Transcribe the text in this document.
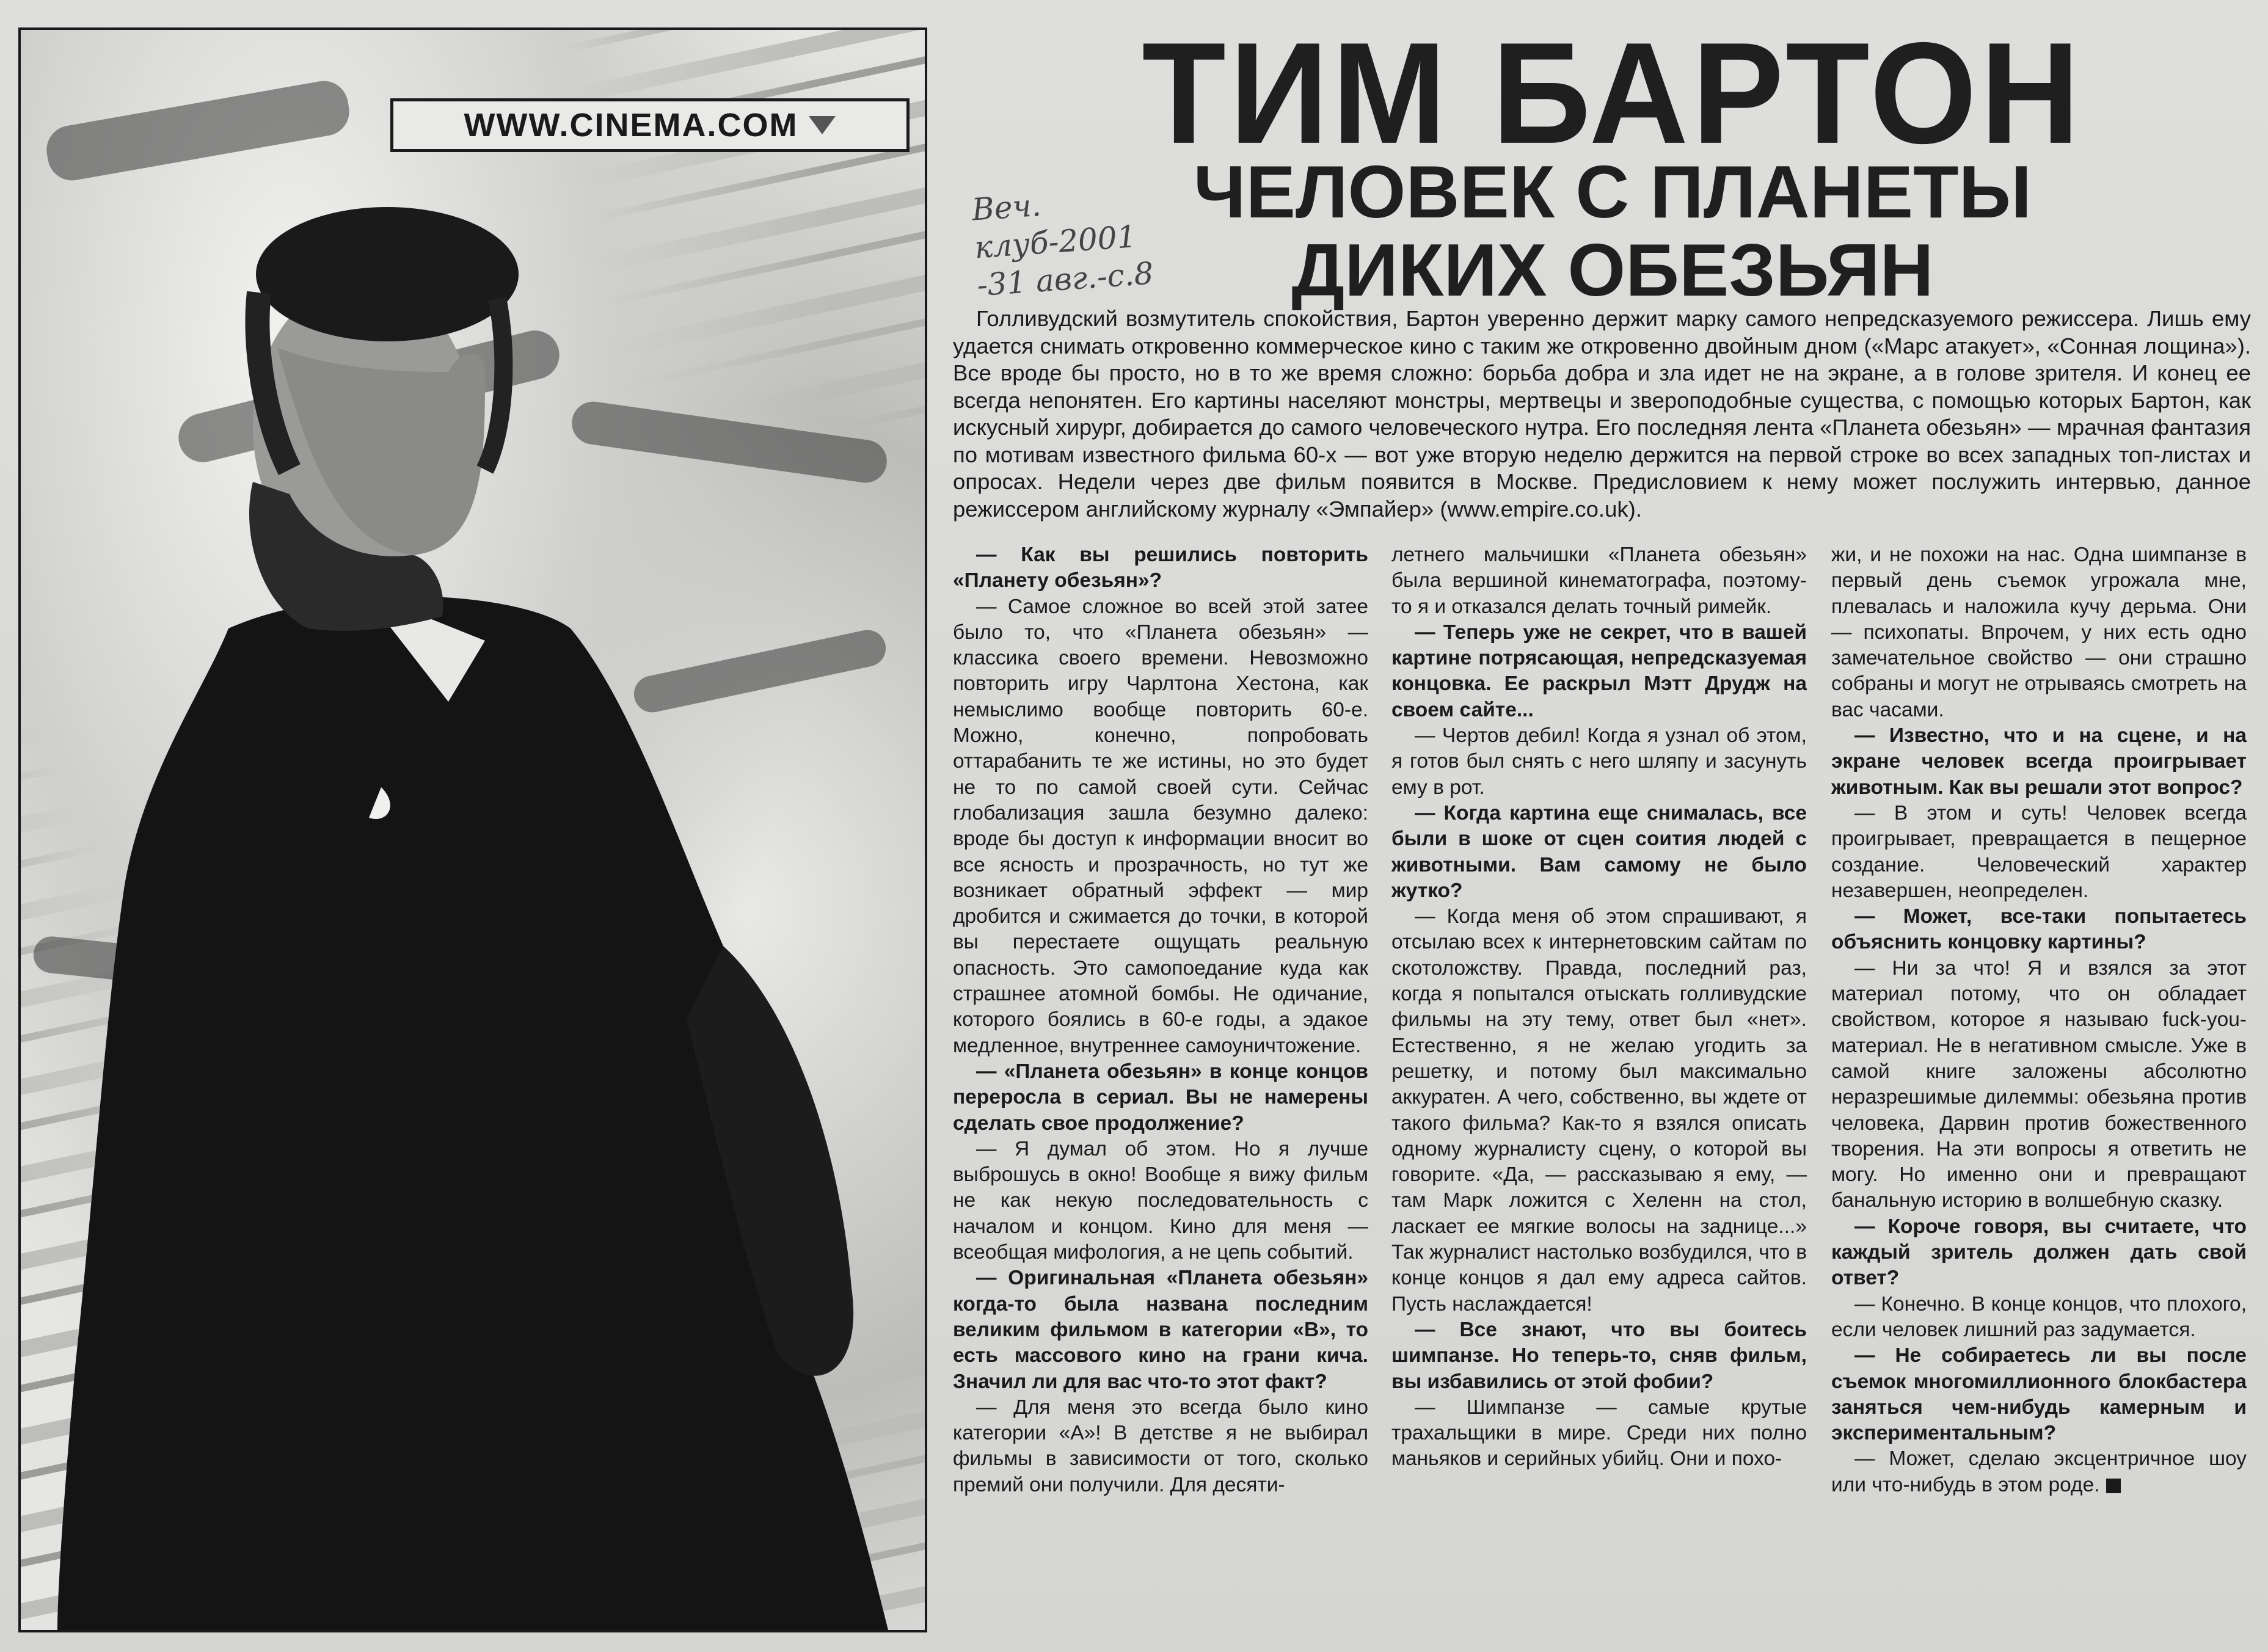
WWW.CINEMA.COM	ТИМ БАРТОН
ЧЕЛОВЕК С ПЛАНЕТЫ
ДИКИХ ОБЕЗЬЯН
Веч. клуб-2001 -31 авг.-с.8

Голливудский возмутитель спокойствия, Бартон уверенно держит марку самого непредсказуемого режиссера. Лишь ему удается снимать откровенно коммерческое кино с таким же откровенно двойным дном («Марс атакует», «Сонная лощина»). Все вроде бы просто, но в то же время сложно: борьба добра и зла идет не на экране, а в голове зрителя. И конец ее всегда непонятен. Его картины населяют монстры, мертвецы и звероподобные существа, с помощью которых Бартон, как искусный хирург, добирается до самого человеческого нутра. Его последняя лента «Планета обезьян» — мрачная фантазия по мотивам известного фильма 60-х — вот уже вторую неделю держится на первой строке во всех западных топ-листах и опросах. Недели через две фильм появится в Москве. Предисловием к нему может послужить интервью, данное режиссером английскому журналу «Эмпайер» (www.empire.co.uk).

— Как вы решились повторить «Планету обезьян»?

— Самое сложное во всей этой затее было то, что «Планета обезьян» — классика своего времени. Невозможно повторить игру Чарлтона Хестона, как немыслимо вообще повторить 60-е. Можно, конечно, попробовать оттарабанить те же истины, но это будет не то по самой своей сути. Сейчас глобализация зашла безумно далеко: вроде бы доступ к информации вносит во все ясность и прозрачность, но тут же возникает обратный эффект — мир дробится и сжимается до точки, в которой вы перестаете ощущать реальную опасность. Это самопоедание куда как страшнее атомной бомбы. Не одичание, которого боялись в 60-е годы, а эдакое медленное, внутреннее самоуничтожение.

— «Планета обезьян» в конце концов переросла в сериал. Вы не намерены сделать свое продолжение?

— Я думал об этом. Но я лучше выброшусь в окно! Вообще я вижу фильм не как некую последовательность с началом и концом. Кино для меня — всеобщая мифология, а не цепь событий.

— Оригинальная «Планета обезьян» когда-то была названа последним великим фильмом в категории «В», то есть массового кино на грани кича. Значил ли для вас что-то этот факт?

— Для меня это всегда было кино категории «А»! В детстве я не выбирал фильмы в зависимости от того, сколько премий они получили. Для десяти-

летнего мальчишки «Планета обезьян» была вершиной кинематографа, поэтому-то я и отказался делать точный римейк.

— Теперь уже не секрет, что в вашей картине потрясающая, непредсказуемая концовка. Ее раскрыл Мэтт Друдж на своем сайте...

— Чертов дебил! Когда я узнал об этом, я готов был снять с него шляпу и засунуть ему в рот.

— Когда картина еще снималась, все были в шоке от сцен соития людей с животными. Вам самому не было жутко?

— Когда меня об этом спрашивают, я отсылаю всех к интернетовским сайтам по скотоложству. Правда, последний раз, когда я попытался отыскать голливудские фильмы на эту тему, ответ был «нет». Естественно, я не желаю угодить за решетку, и потому был максимально аккуратен. А чего, собственно, вы ждете от такого фильма? Как-то я взялся описать одному журналисту сцену, о которой вы говорите. «Да, — рассказываю я ему, — там Марк ложится с Хеленн на стол, ласкает ее мягкие волосы на заднице...» Так журналист настолько возбудился, что в конце концов я дал ему адреса сайтов. Пусть наслаждается!

— Все знают, что вы боитесь шимпанзе. Но теперь-то, сняв фильм, вы избавились от этой фобии?

— Шимпанзе — самые крутые трахальщики в мире. Среди них полно маньяков и серийных убийц. Они и похо-

жи, и не похожи на нас. Одна шимпанзе в первый день съемок угрожала мне, плевалась и наложила кучу дерьма. Они — психопаты. Впрочем, у них есть одно замечательное свойство — они страшно собраны и могут не отрываясь смотреть на вас часами.

— Известно, что и на сцене, и на экране человек всегда проигрывает животным. Как вы решали этот вопрос?

— В этом и суть! Человек всегда проигрывает, превращается в пещерное создание. Человеческий характер незавершен, неопределен.

— Может, все-таки попытаетесь объяснить концовку картины?

— Ни за что! Я и взялся за этот материал потому, что он обладает свойством, которое я называю fuck-you-материал. Не в негативном смысле. Уже в самой книге заложены абсолютно неразрешимые дилеммы: обезьяна против человека, Дарвин против божественного творения. На эти вопросы я ответить не могу. Но именно они и превращают банальную историю в волшебную сказку.

— Короче говоря, вы считаете, что каждый зритель должен дать свой ответ?

— Конечно. В конце концов, что плохого, если человек лишний раз задумается.

— Не собираетесь ли вы после съемок многомиллионного блокбастера заняться чем-нибудь камерным и экспериментальным?

— Может, сделаю эксцентричное шоу или что-нибудь в этом роде.
